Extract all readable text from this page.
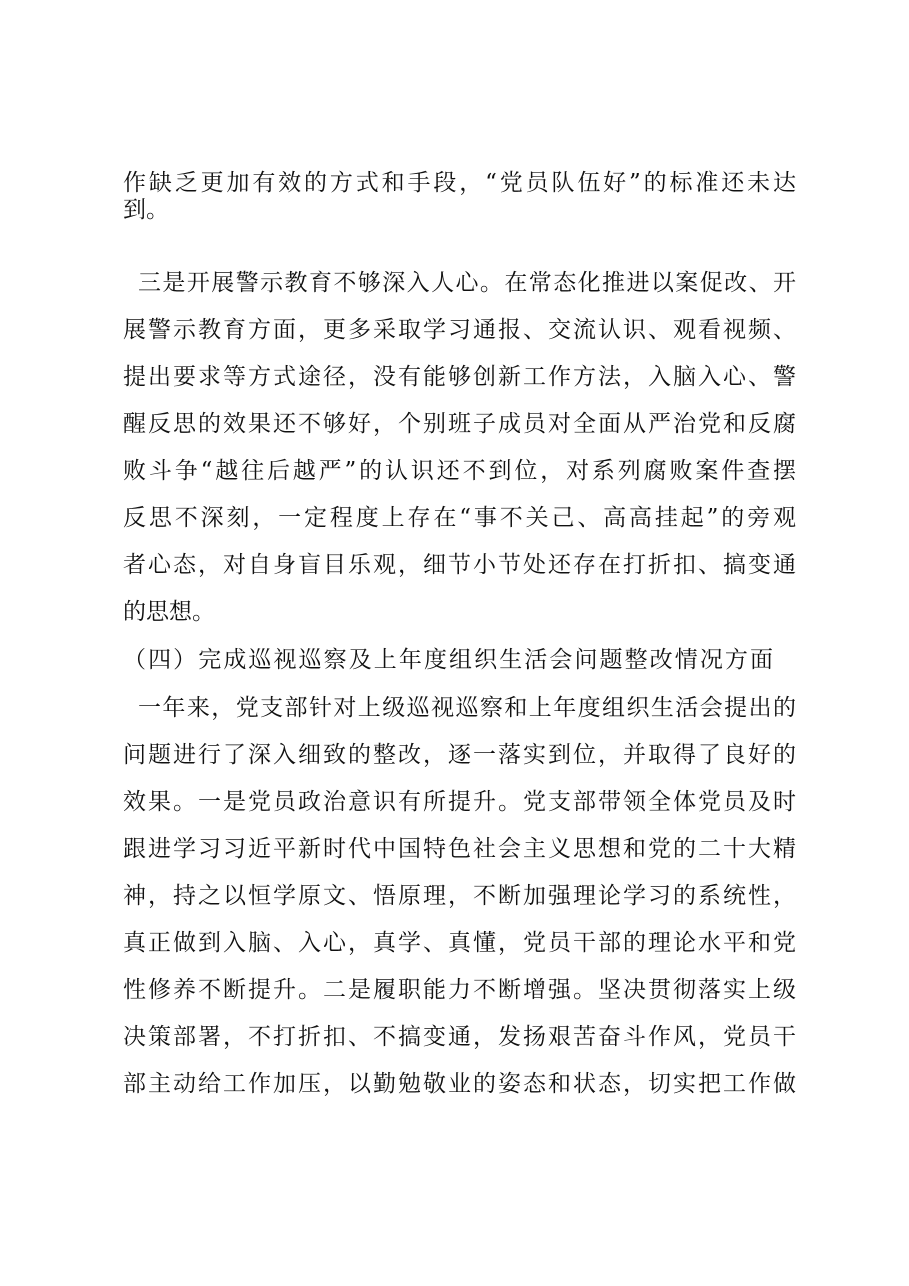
作缺乏更加有效的方式和手段，“党员队伍好”的标准还未达
到。
三是开展警示教育不够深入人心。在常态化推进以案促改、开
展警示教育方面，更多采取学习通报、交流认识、观看视频、
提出要求等方式途径，没有能够创新工作方法，入脑入心、警
醒反思的效果还不够好，个别班子成员对全面从严治党和反腐
败斗争“越往后越严”的认识还不到位，对系列腐败案件查摆
反思不深刻，一定程度上存在“事不关己、高高挂起”的旁观
者心态，对自身盲目乐观，细节小节处还存在打折扣、搞变通
的思想。
（四）完成巡视巡察及上年度组织生活会问题整改情况方面
一年来，党支部针对上级巡视巡察和上年度组织生活会提出的
问题进行了深入细致的整改，逐一落实到位，并取得了良好的
效果。一是党员政治意识有所提升。党支部带领全体党员及时
跟进学习习近平新时代中国特色社会主义思想和党的二十大精
神，持之以恒学原文、悟原理，不断加强理论学习的系统性，
真正做到入脑、入心，真学、真懂，党员干部的理论水平和党
性修养不断提升。二是履职能力不断增强。坚决贯彻落实上级
决策部署，不打折扣、不搞变通，发扬艰苦奋斗作风，党员干
部主动给工作加压，以勤勉敬业的姿态和状态，切实把工作做
